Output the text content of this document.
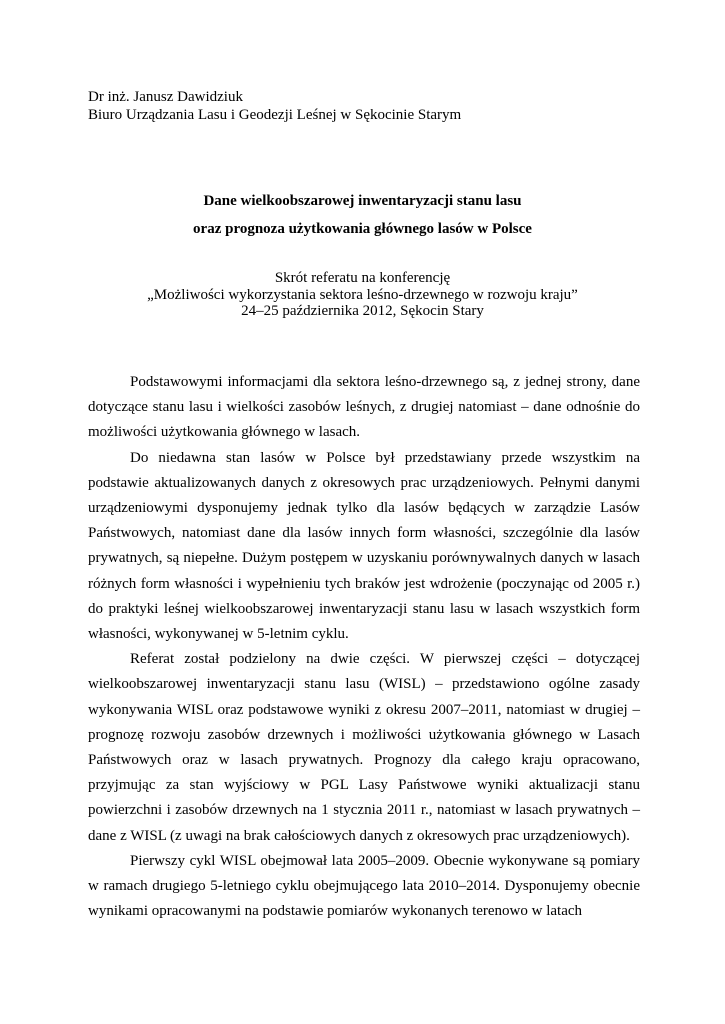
Dr inż. Janusz Dawidziuk
Biuro Urządzania Lasu i Geodezji Leśnej w Sękocinie Starym
Dane wielkoobszarowej inwentaryzacji stanu lasu
oraz prognoza użytkowania głównego lasów w Polsce
Skrót referatu na konferencję
„Możliwości wykorzystania sektora leśno-drzewnego w rozwoju kraju”
24–25 października 2012, Sękocin Stary

Podstawowymi informacjami dla sektora leśno-drzewnego są, z jednej strony, dane dotyczące stanu lasu i wielkości zasobów leśnych, z drugiej natomiast – dane odnośnie do możliwości użytkowania głównego w lasach.

Do niedawna stan lasów w Polsce był przedstawiany przede wszystkim na podstawie aktualizowanych danych z okresowych prac urządzeniowych. Pełnymi danymi urządzeniowymi dysponujemy jednak tylko dla lasów będących w zarządzie Lasów Państwowych, natomiast dane dla lasów innych form własności, szczególnie dla lasów prywatnych, są niepełne. Dużym postępem w uzyskaniu porównywalnych danych w lasach różnych form własności i wypełnieniu tych braków jest wdrożenie (poczynając od 2005 r.) do praktyki leśnej wielkoobszarowej inwentaryzacji stanu lasu w lasach wszystkich form własności, wykonywanej w 5-letnim cyklu.

Referat został podzielony na dwie części. W pierwszej części – dotyczącej wielkoobszarowej inwentaryzacji stanu lasu (WISL) – przedstawiono ogólne zasady wykonywania WISL oraz podstawowe wyniki z okresu 2007–2011, natomiast w drugiej – prognozę rozwoju zasobów drzewnych i możliwości użytkowania głównego w Lasach Państwowych oraz w lasach prywatnych. Prognozy dla całego kraju opracowano, przyjmując za stan wyjściowy w PGL Lasy Państwowe wyniki aktualizacji stanu powierzchni i zasobów drzewnych na 1 stycznia 2011 r., natomiast w lasach prywatnych – dane z WISL (z uwagi na brak całościowych danych z okresowych prac urządzeniowych).

Pierwszy cykl WISL obejmował lata 2005–2009. Obecnie wykonywane są pomiary w ramach drugiego 5-letniego cyklu obejmującego lata 2010–2014. Dysponujemy obecnie wynikami opracowanymi na podstawie pomiarów wykonanych terenowo w latach
